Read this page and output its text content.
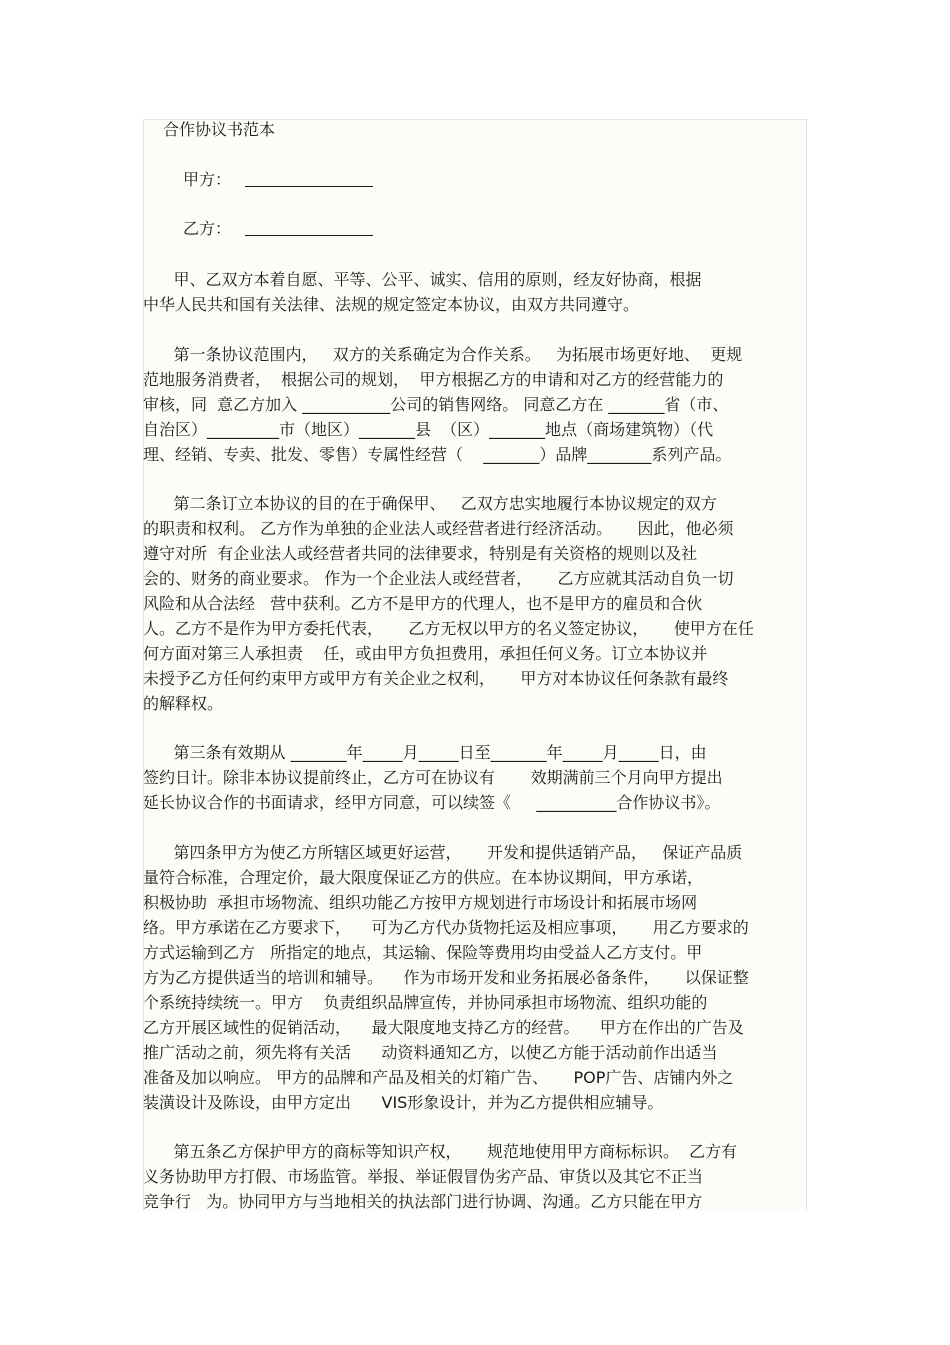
合作协议书范本
甲方：
乙方：
甲、乙双方本着自愿、平等、公平、诚实、信用的原则，经友好协商，根据
中华人民共和国有关法律、法规的规定签定本协议，由双方共同遵守。
第一条协议范围内，   双方的关系确定为合作关系。   为拓展市场更好地、  更规
范地服务消费者，  根据公司的规划，  甲方根据乙方的申请和对乙方的经营能力的
审核，同  意乙方加入 ___________公司的销售网络。 同意乙方在 _______省（市、
自治区）_________市（地区）_______县  （区）_______地点（商场建筑物）（代
理、经销、专卖、批发、零售）专属性经营（    _______）品牌________系列产品。
第二条订立本协议的目的在于确保甲、   乙双方忠实地履行本协议规定的双方
的职责和权利。 乙方作为单独的企业法人或经营者进行经济活动。     因此，他必须
遵守对所  有企业法人或经营者共同的法律要求，特别是有关资格的规则以及社
会的、财务的商业要求。 作为一个企业法人或经营者，     乙方应就其活动自负一切
风险和从合法经   营中获利。乙方不是甲方的代理人，也不是甲方的雇员和合伙
人。乙方不是作为甲方委托代表，     乙方无权以甲方的名义签定协议，     使甲方在任
何方面对第三人承担责    任，或由甲方负担费用，承担任何义务。订立本协议并
未授予乙方任何约束甲方或甲方有关企业之权利，     甲方对本协议任何条款有最终
的解释权。
第三条有效期从 _______年_____月_____日至_______年_____月_____日，由
签约日计。除非本协议提前终止，乙方可在协议有       效期满前三个月向甲方提出
延长协议合作的书面请求，经甲方同意，可以续签《     __________合作协议书》。
第四条甲方为使乙方所辖区域更好运营，     开发和提供适销产品，   保证产品质
量符合标准，合理定价，最大限度保证乙方的供应。在本协议期间，甲方承诺，
积极协助  承担市场物流、组织功能乙方按甲方规划进行市场设计和拓展市场网
络。甲方承诺在乙方要求下，    可为乙方代办货物托运及相应事项，     用乙方要求的
方式运输到乙方   所指定的地点，其运输、保险等费用均由受益人乙方支付。甲
方为乙方提供适当的培训和辅导。    作为市场开发和业务拓展必备条件，     以保证整
个系统持续统一。甲方    负责组织品牌宣传，并协同承担市场物流、组织功能的
乙方开展区域性的促销活动，    最大限度地支持乙方的经营。    甲方在作出的广告及
推广活动之前，须先将有关活      动资料通知乙方，以使乙方能于活动前作出适当
准备及加以响应。 甲方的品牌和产品及相关的灯箱广告、     POP广告、店铺内外之
装潢设计及陈设，由甲方定出      VIS形象设计，并为乙方提供相应辅导。
第五条乙方保护甲方的商标等知识产权，     规范地使用甲方商标标识。  乙方有
义务协助甲方打假、市场监管。举报、举证假冒伪劣产品、审货以及其它不正当
竞争行   为。协同甲方与当地相关的执法部门进行协调、沟通。乙方只能在甲方
